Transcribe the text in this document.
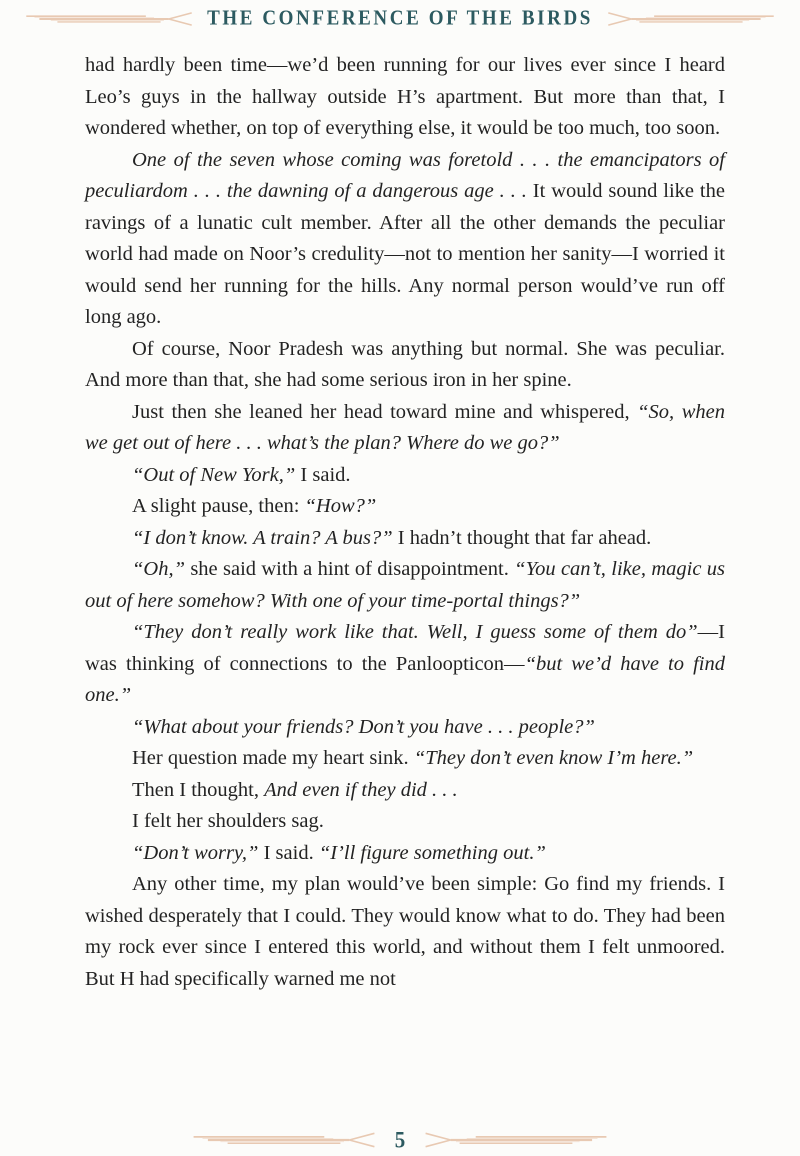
THE CONFERENCE OF THE BIRDS

had hardly been time—we’d been running for our lives ever since I heard Leo’s guys in the hallway outside H’s apartment. But more than that, I wondered whether, on top of everything else, it would be too much, too soon.

One of the seven whose coming was foretold . . . the emancipators of peculiardom . . . the dawning of a dangerous age . . . It would sound like the ravings of a lunatic cult member. After all the other demands the peculiar world had made on Noor’s credulity—not to mention her sanity—I worried it would send her running for the hills. Any normal person would’ve run off long ago.

Of course, Noor Pradesh was anything but normal. She was peculiar. And more than that, she had some serious iron in her spine.

Just then she leaned her head toward mine and whispered, “So, when we get out of here . . . what’s the plan? Where do we go?”

“Out of New York,” I said.

A slight pause, then: “How?”

“I don’t know. A train? A bus?” I hadn’t thought that far ahead.

“Oh,” she said with a hint of disappointment. “You can’t, like, magic us out of here somehow? With one of your time-portal things?”

“They don’t really work like that. Well, I guess some of them do”—I was thinking of connections to the Panloopticon—“but we’d have to find one.”

“What about your friends? Don’t you have . . . people?”

Her question made my heart sink. “They don’t even know I’m here.”

Then I thought, And even if they did . . .

I felt her shoulders sag.

“Don’t worry,” I said. “I’ll figure something out.”

Any other time, my plan would’ve been simple: Go find my friends. I wished desperately that I could. They would know what to do. They had been my rock ever since I entered this world, and without them I felt unmoored. But H had specifically warned me not

5
